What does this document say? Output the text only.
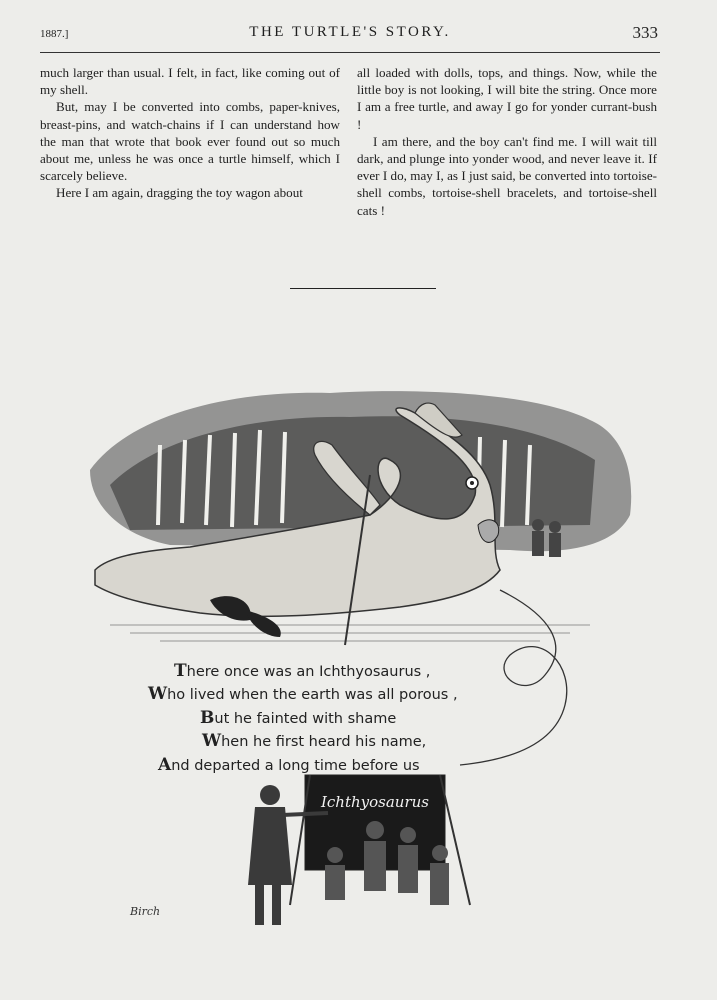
1887.]	THE TURTLE'S STORY.	333

much larger than usual. I felt, in fact, like coming out of my shell.

But, may I be converted into combs, paper-knives, breast-pins, and watch-chains if I can understand how the man that wrote that book ever found out so much about me, unless he was once a turtle himself, which I scarcely believe.

Here I am again, dragging the toy wagon about

all loaded with dolls, tops, and things. Now, while the little boy is not looking, I will bite the string. Once more I am a free turtle, and away I go for yonder currant-bush !

I am there, and the boy can't find me. I will wait till dark, and plunge into yonder wood, and never leave it. If ever I do, may I, as I just said, be converted into tortoise-shell combs, tortoise-shell bracelets, and tortoise-shell cats !

Ichthyosaurus
Birch
There once was an Ichthyosaurus ,
Who lived when the earth was all porous ,
But he fainted with shame
When he first heard his name,
And departed a long time before us
